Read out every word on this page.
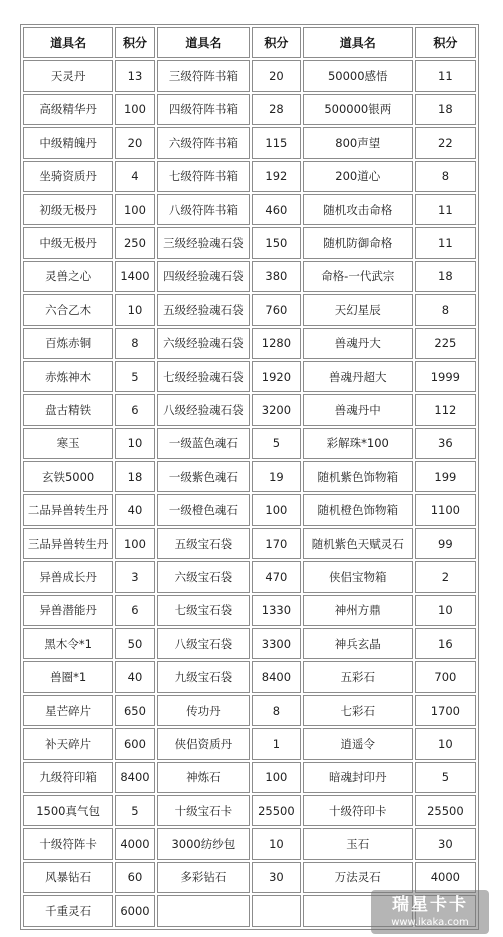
道具名	积分	道具名	积分	道具名	积分
天灵丹	13	三级符阵书箱	20	50000感悟	11
高级精华丹	100	四级符阵书箱	28	500000银两	18
中级精魄丹	20	六级符阵书箱	115	800声望	22
坐骑资质丹	4	七级符阵书箱	192	200道心	8
初级无极丹	100	八级符阵书箱	460	随机攻击命格	11
中级无极丹	250	三级经验魂石袋	150	随机防御命格	11
灵兽之心	1400	四级经验魂石袋	380	命格-一代武宗	18
六合乙木	10	五级经验魂石袋	760	天幻星辰	8
百炼赤铜	8	六级经验魂石袋	1280	兽魂丹大	225
赤炼神木	5	七级经验魂石袋	1920	兽魂丹超大	1999
盘古精铁	6	八级经验魂石袋	3200	兽魂丹中	112
寒玉	10	一级蓝色魂石	5	彩解珠*100	36
玄铁5000	18	一级紫色魂石	19	随机紫色饰物箱	199
二品异兽转生丹	40	一级橙色魂石	100	随机橙色饰物箱	1100
三品异兽转生丹	100	五级宝石袋	170	随机紫色天赋灵石	99
异兽成长丹	3	六级宝石袋	470	侠侣宝物箱	2
异兽潜能丹	6	七级宝石袋	1330	神州方鼎	10
黑木令*1	50	八级宝石袋	3300	神兵玄晶	16
兽圈*1	40	九级宝石袋	8400	五彩石	700
星芒碎片	650	传功丹	8	七彩石	1700
补天碎片	600	侠侣资质丹	1	逍遥令	10
九级符印箱	8400	神炼石	100	暗魂封印丹	5
1500真气包	5	十级宝石卡	25500	十级符印卡	25500
十级符阵卡	4000	3000纺纱包	10	玉石	30
风暴钻石	60	多彩钻石	30	万法灵石	4000
千重灵石	6000					瑞星卡卡
www.ikaka.com
